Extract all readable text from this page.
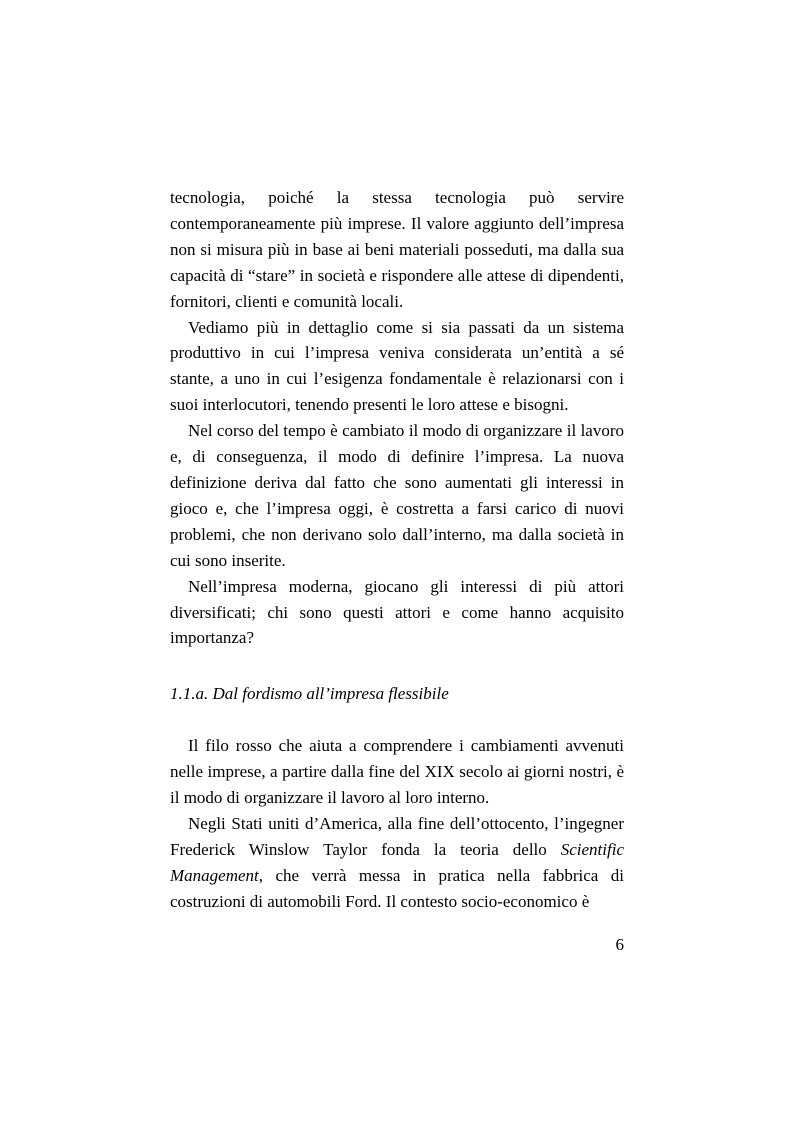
tecnologia, poiché la stessa tecnologia può servire contemporaneamente più imprese. Il valore aggiunto dell’impresa non si misura più in base ai beni materiali posseduti, ma dalla sua capacità di “stare” in società e rispondere alle attese di dipendenti, fornitori, clienti e comunità locali.

Vediamo più in dettaglio come si sia passati da un sistema produttivo in cui l’impresa veniva considerata un’entità a sé stante, a uno in cui l’esigenza fondamentale è relazionarsi con i suoi interlocutori, tenendo presenti le loro attese e bisogni.

Nel corso del tempo è cambiato il modo di organizzare il lavoro e, di conseguenza, il modo di definire l’impresa. La nuova definizione deriva dal fatto che sono aumentati gli interessi in gioco e, che l’impresa oggi, è costretta a farsi carico di nuovi problemi, che non derivano solo dall’interno, ma dalla società in cui sono inserite.

Nell’impresa moderna, giocano gli interessi di più attori diversificati; chi sono questi attori e come hanno acquisito importanza?

1.1.a. Dal fordismo all’impresa flessibile

Il filo rosso che aiuta a comprendere i cambiamenti avvenuti nelle imprese, a partire dalla fine del XIX secolo ai giorni nostri, è il modo di organizzare il lavoro al loro interno.

Negli Stati uniti d’America, alla fine dell’ottocento, l’ingegner Frederick Winslow Taylor fonda la teoria dello Scientific Management, che verrà messa in pratica nella fabbrica di costruzioni di automobili Ford. Il contesto socio-economico è

6
